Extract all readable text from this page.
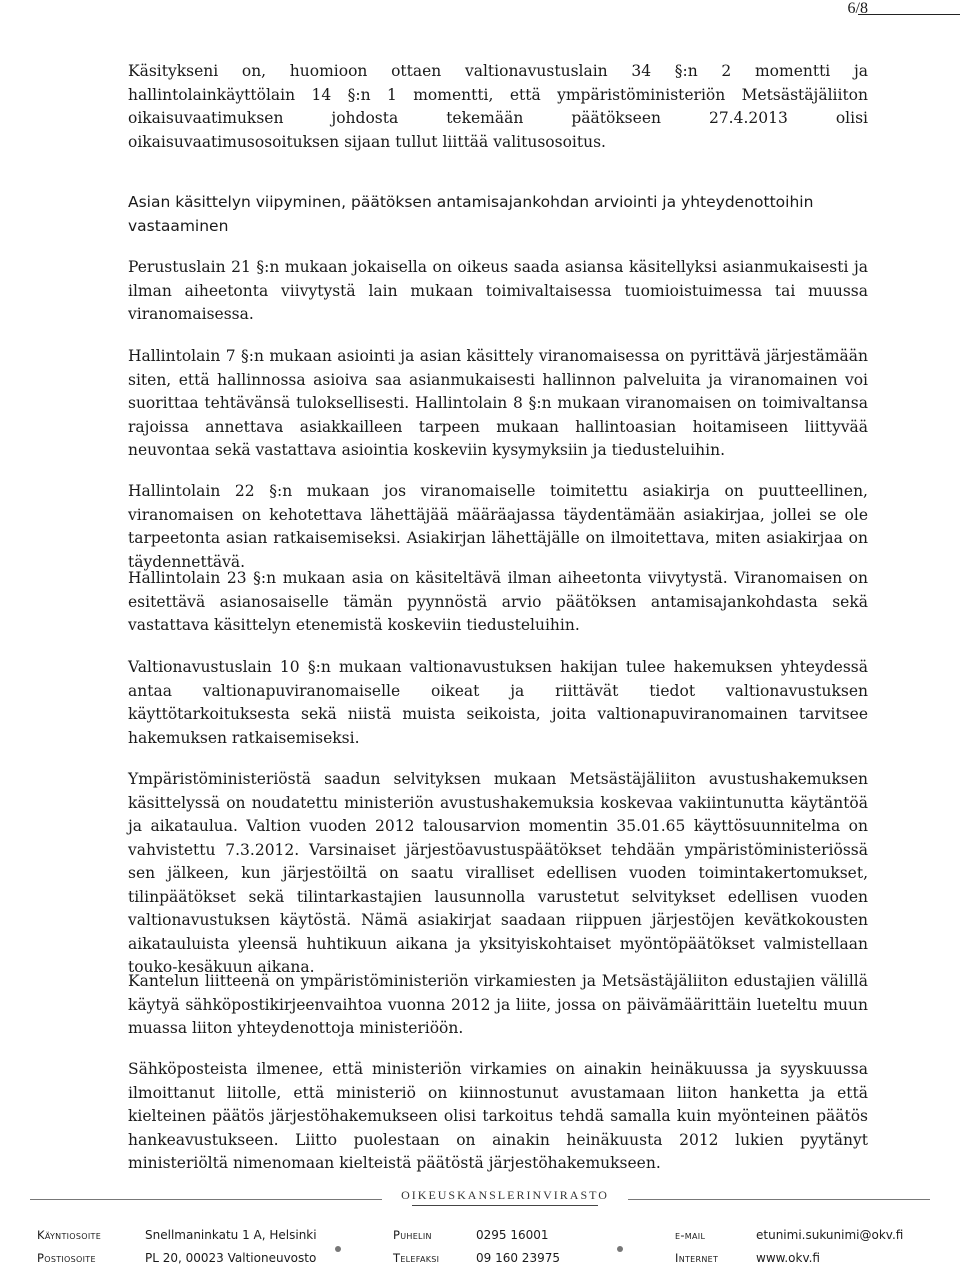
6/8

Käsitykseni on, huomioon ottaen valtionavustuslain 34 §:n 2 momentti ja hallintolainkäyttölain 14 §:n 1 momentti, että ympäristöministeriön Metsästäjäliiton oikaisuvaatimuksen johdosta tekemään päätökseen 27.4.2013 olisi oikaisuvaatimusosoituksen sijaan tullut liittää valitusosoitus.

Asian käsittelyn viipyminen, päätöksen antamisajankohdan arviointi ja yhteydenottoihin vastaaminen

Perustuslain 21 §:n mukaan jokaisella on oikeus saada asiansa käsitellyksi asianmukaisesti ja ilman aiheetonta viivytystä lain mukaan toimivaltaisessa tuomioistuimessa tai muussa viranomaisessa.

Hallintolain 7 §:n mukaan asiointi ja asian käsittely viranomaisessa on pyrittävä järjestämään siten, että hallinnossa asioiva saa asianmukaisesti hallinnon palveluita ja viranomainen voi suorittaa tehtävänsä tuloksellisesti. Hallintolain 8 §:n mukaan viranomaisen on toimivaltansa rajoissa annettava asiakkailleen tarpeen mukaan hallintoasian hoitamiseen liittyvää neuvontaa sekä vastattava asiointia koskeviin kysymyksiin ja tiedusteluihin.

Hallintolain 22 §:n mukaan jos viranomaiselle toimitettu asiakirja on puutteellinen, viranomaisen on kehotettava lähettäjää määräajassa täydentämään asiakirjaa, jollei se ole tarpeetonta asian ratkaisemiseksi. Asiakirjan lähettäjälle on ilmoitettava, miten asiakirjaa on täydennettävä.

Hallintolain 23 §:n mukaan asia on käsiteltävä ilman aiheetonta viivytystä. Viranomaisen on esitettävä asianosaiselle tämän pyynnöstä arvio päätöksen antamisajankohdasta sekä vastattava käsittelyn etenemistä koskeviin tiedusteluihin.

Valtionavustuslain 10 §:n mukaan valtionavustuksen hakijan tulee hakemuksen yhteydessä antaa valtionapuviranomaiselle oikeat ja riittävät tiedot valtionavustuksen käyttötarkoituksesta sekä niistä muista seikoista, joita valtionapuviranomainen tarvitsee hakemuksen ratkaisemiseksi.

Ympäristöministeriöstä saadun selvityksen mukaan Metsästäjäliiton avustushakemuksen käsittelyssä on noudatettu ministeriön avustushakemuksia koskevaa vakiintunutta käytäntöä ja aikataulua. Valtion vuoden 2012 talousarvion momentin 35.01.65 käyttösuunnitelma on vahvistettu 7.3.2012. Varsinaiset järjestöavustuspäätökset tehdään ympäristöministeriössä sen jälkeen, kun järjestöiltä on saatu viralliset edellisen vuoden toimintakertomukset, tilinpäätökset sekä tilintarkastajien lausunnolla varustetut selvitykset edellisen vuoden valtionavustuksen käytöstä. Nämä asiakirjat saadaan riippuen järjestöjen kevätkokousten aikatauluista yleensä huhtikuun aikana ja yksityiskohtaiset myöntöpäätökset valmistellaan touko-kesäkuun aikana.

Kantelun liitteenä on ympäristöministeriön virkamiesten ja Metsästäjäliiton edustajien välillä käytyä sähköpostikirjeenvaihtoa vuonna 2012 ja liite, jossa on päivämäärittäin lueteltu muun muassa liiton yhteydenottoja ministeriöön.

Sähköposteista ilmenee, että ministeriön virkamies on ainakin heinäkuussa ja syyskuussa ilmoittanut liitolle, että ministeriö on kiinnostunut avustamaan liiton hanketta ja että kielteinen päätös järjestöhakemukseen olisi tarkoitus tehdä samalla kuin myönteinen päätös hankeavustukseen. Liitto puolestaan on ainakin heinäkuusta 2012 lukien pyytänyt ministeriöltä nimenomaan kielteistä päätöstä järjestöhakemukseen.

OIKEUSKANSLERINVIRASTO
Käyntiosoite	Snellmaninkatu 1 A, Helsinki
Postiosoite	PL 20, 00023 Valtioneuvosto
Puhelin	0295 16001
Telefaksi	09 160 23975
e-mail	etunimi.sukunimi@okv.fi
Internet	www.okv.fi
